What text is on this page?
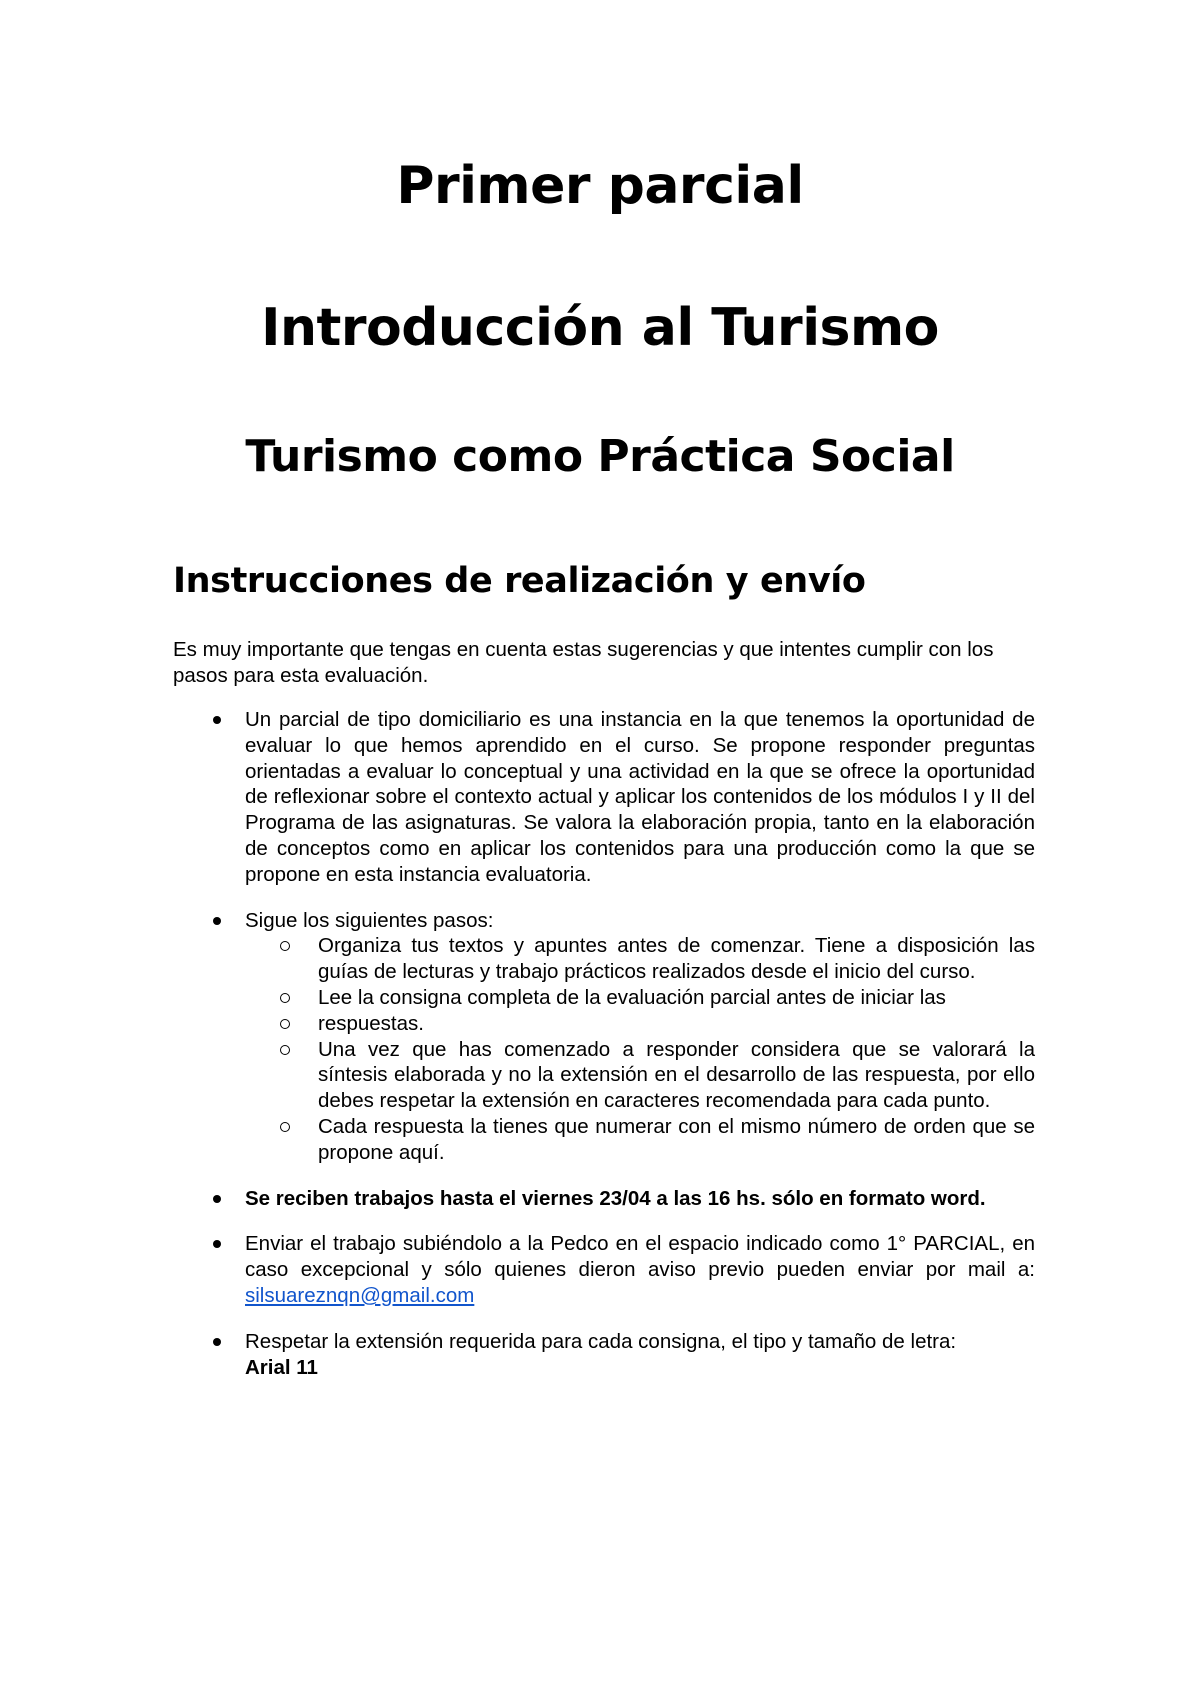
Primer parcial
Introducción al Turismo
Turismo como Práctica Social
Instrucciones de realización y envío

Es muy importante que tengas en cuenta estas sugerencias y que intentes cumplir con los pasos para esta evaluación.

Un parcial de tipo domiciliario es una instancia en la que tenemos la oportunidad de evaluar lo que hemos aprendido en el curso. Se propone responder preguntas orientadas a evaluar lo conceptual y una actividad en la que se ofrece la oportunidad de reflexionar sobre el contexto actual y aplicar los contenidos de los módulos I y II del Programa de las asignaturas. Se valora la elaboración propia, tanto en la elaboración de conceptos como en aplicar los contenidos para una producción como la que se propone en esta instancia evaluatoria.
Sigue los siguientes pasos:
Organiza tus textos y apuntes antes de comenzar. Tiene a disposición las guías de lecturas y trabajo prácticos realizados desde el inicio del curso.
Lee la consigna completa de la evaluación parcial antes de iniciar las
respuestas.
Una vez que has comenzado a responder considera que se valorará la síntesis elaborada y no la extensión en el desarrollo de las respuesta, por ello debes respetar la extensión en caracteres recomendada para cada punto.
Cada respuesta la tienes que numerar con el mismo número de orden que se propone aquí.
Se reciben trabajos hasta el viernes 23/04 a las 16 hs. sólo en formato word.
Enviar el trabajo subiéndolo a la Pedco en el espacio indicado como 1° PARCIAL, en caso excepcional y sólo quienes dieron aviso previo pueden enviar por mail a: silsuareznqn@gmail.com
Respetar la extensión requerida para cada consigna, el tipo y tamaño de letra:
Arial 11
